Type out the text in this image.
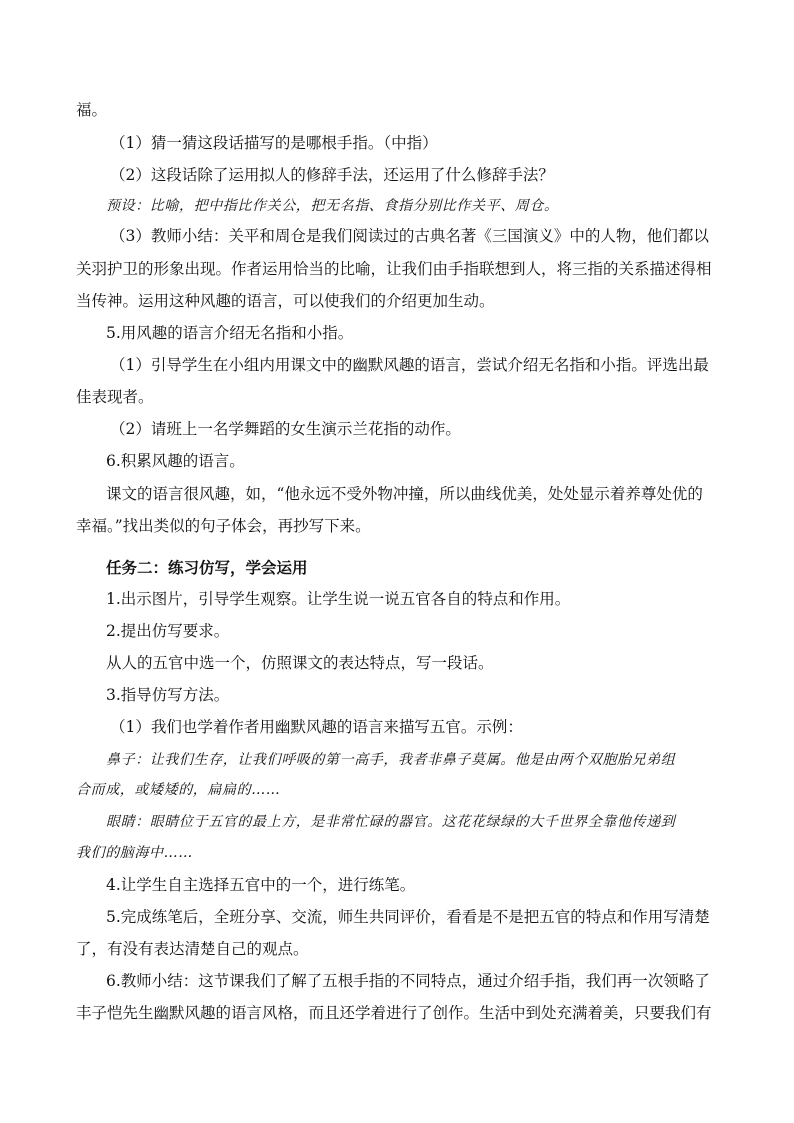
福。
（1）猜一猜这段话描写的是哪根手指。（中指）
（2）这段话除了运用拟人的修辞手法，还运用了什么修辞手法？
预设：比喻，把中指比作关公，把无名指、食指分别比作关平、周仓。
（3）教师小结：关平和周仓是我们阅读过的古典名著《三国演义》中的人物，他们都以
关羽护卫的形象出现。作者运用恰当的比喻，让我们由手指联想到人，将三指的关系描述得相
当传神。运用这种风趣的语言，可以使我们的介绍更加生动。
5.用风趣的语言介绍无名指和小指。
（1）引导学生在小组内用课文中的幽默风趣的语言，尝试介绍无名指和小指。评选出最
佳表现者。
（2）请班上一名学舞蹈的女生演示兰花指的动作。
6.积累风趣的语言。
课文的语言很风趣，如，“他永远不受外物冲撞，所以曲线优美，处处显示着养尊处优的
幸福。”找出类似的句子体会，再抄写下来。
任务二：练习仿写，学会运用
1.出示图片，引导学生观察。让学生说一说五官各自的特点和作用。
2.提出仿写要求。
从人的五官中选一个，仿照课文的表达特点，写一段话。
3.指导仿写方法。
（1）我们也学着作者用幽默风趣的语言来描写五官。示例：
鼻子：让我们生存，让我们呼吸的第一高手，我者非鼻子莫属。他是由两个双胞胎兄弟组
合而成，或矮矮的，扁扁的……
眼睛：眼睛位于五官的最上方，是非常忙碌的器官。这花花绿绿的大千世界全靠他传递到
我们的脑海中……
4.让学生自主选择五官中的一个，进行练笔。
5.完成练笔后，全班分享、交流，师生共同评价，看看是不是把五官的特点和作用写清楚
了，有没有表达清楚自己的观点。
6.教师小结：这节课我们了解了五根手指的不同特点，通过介绍手指，我们再一次领略了
丰子恺先生幽默风趣的语言风格，而且还学着进行了创作。生活中到处充满着美，只要我们有
